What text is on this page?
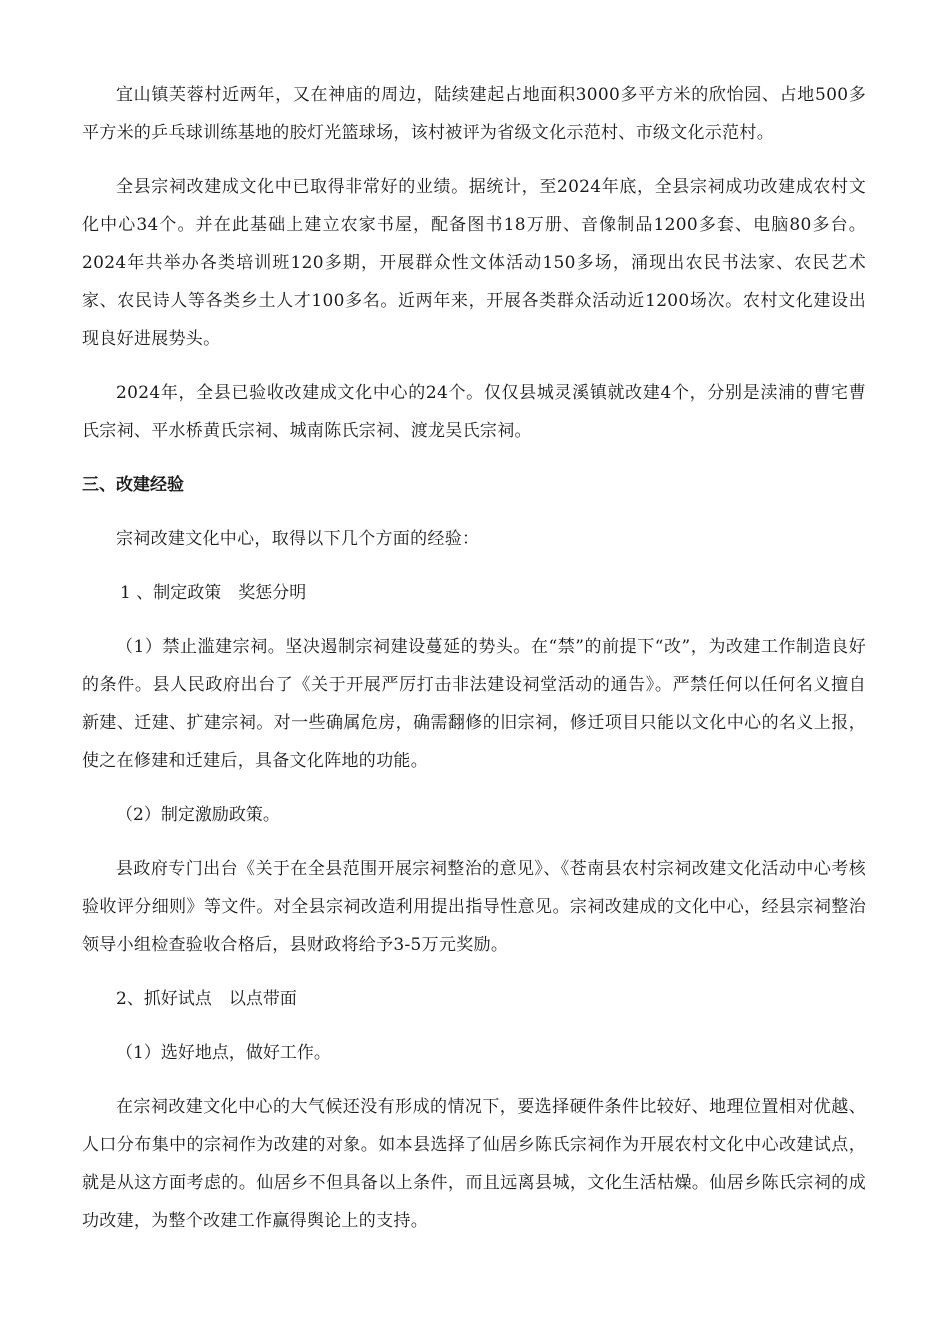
宜山镇芙蓉村近两年，又在神庙的周边，陆续建起占地面积3000多平方米的欣怡园、占地500多平方米的乒乓球训练基地的胶灯光篮球场，该村被评为省级文化示范村、市级文化示范村。

全县宗祠改建成文化中已取得非常好的业绩。据统计，至2024年底，全县宗祠成功改建成农村文化中心34个。并在此基础上建立农家书屋，配备图书18万册、音像制品1200多套、电脑80多台。2024年共举办各类培训班120多期，开展群众性文体活动150多场，涌现出农民书法家、农民艺术家、农民诗人等各类乡土人才100多名。近两年来，开展各类群众活动近1200场次。农村文化建设出现良好进展势头。

2024年，全县已验收改建成文化中心的24个。仅仅县城灵溪镇就改建4个，分别是渎浦的曹宅曹氏宗祠、平水桥黄氏宗祠、城南陈氏宗祠、渡龙吴氏宗祠。

三、改建经验

宗祠改建文化中心，取得以下几个方面的经验：

1 、制定政策　奖惩分明

（1）禁止滥建宗祠。坚决遏制宗祠建设蔓延的势头。在“禁”的前提下“改”，为改建工作制造良好的条件。县人民政府出台了《关于开展严厉打击非法建设祠堂活动的通告》。严禁任何以任何名义擅自新建、迁建、扩建宗祠。对一些确属危房，确需翻修的旧宗祠，修迁项目只能以文化中心的名义上报，使之在修建和迁建后，具备文化阵地的功能。

（2）制定激励政策。

县政府专门出台《关于在全县范围开展宗祠整治的意见》、《苍南县农村宗祠改建文化活动中心考核验收评分细则》等文件。对全县宗祠改造利用提出指导性意见。宗祠改建成的文化中心，经县宗祠整治领导小组检查验收合格后，县财政将给予3-5万元奖励。

2、抓好试点　以点带面

（1）选好地点，做好工作。

在宗祠改建文化中心的大气候还没有形成的情况下，要选择硬件条件比较好、地理位置相对优越、人口分布集中的宗祠作为改建的对象。如本县选择了仙居乡陈氏宗祠作为开展农村文化中心改建试点，就是从这方面考虑的。仙居乡不但具备以上条件，而且远离县城，文化生活枯燥。仙居乡陈氏宗祠的成功改建，为整个改建工作赢得舆论上的支持。
